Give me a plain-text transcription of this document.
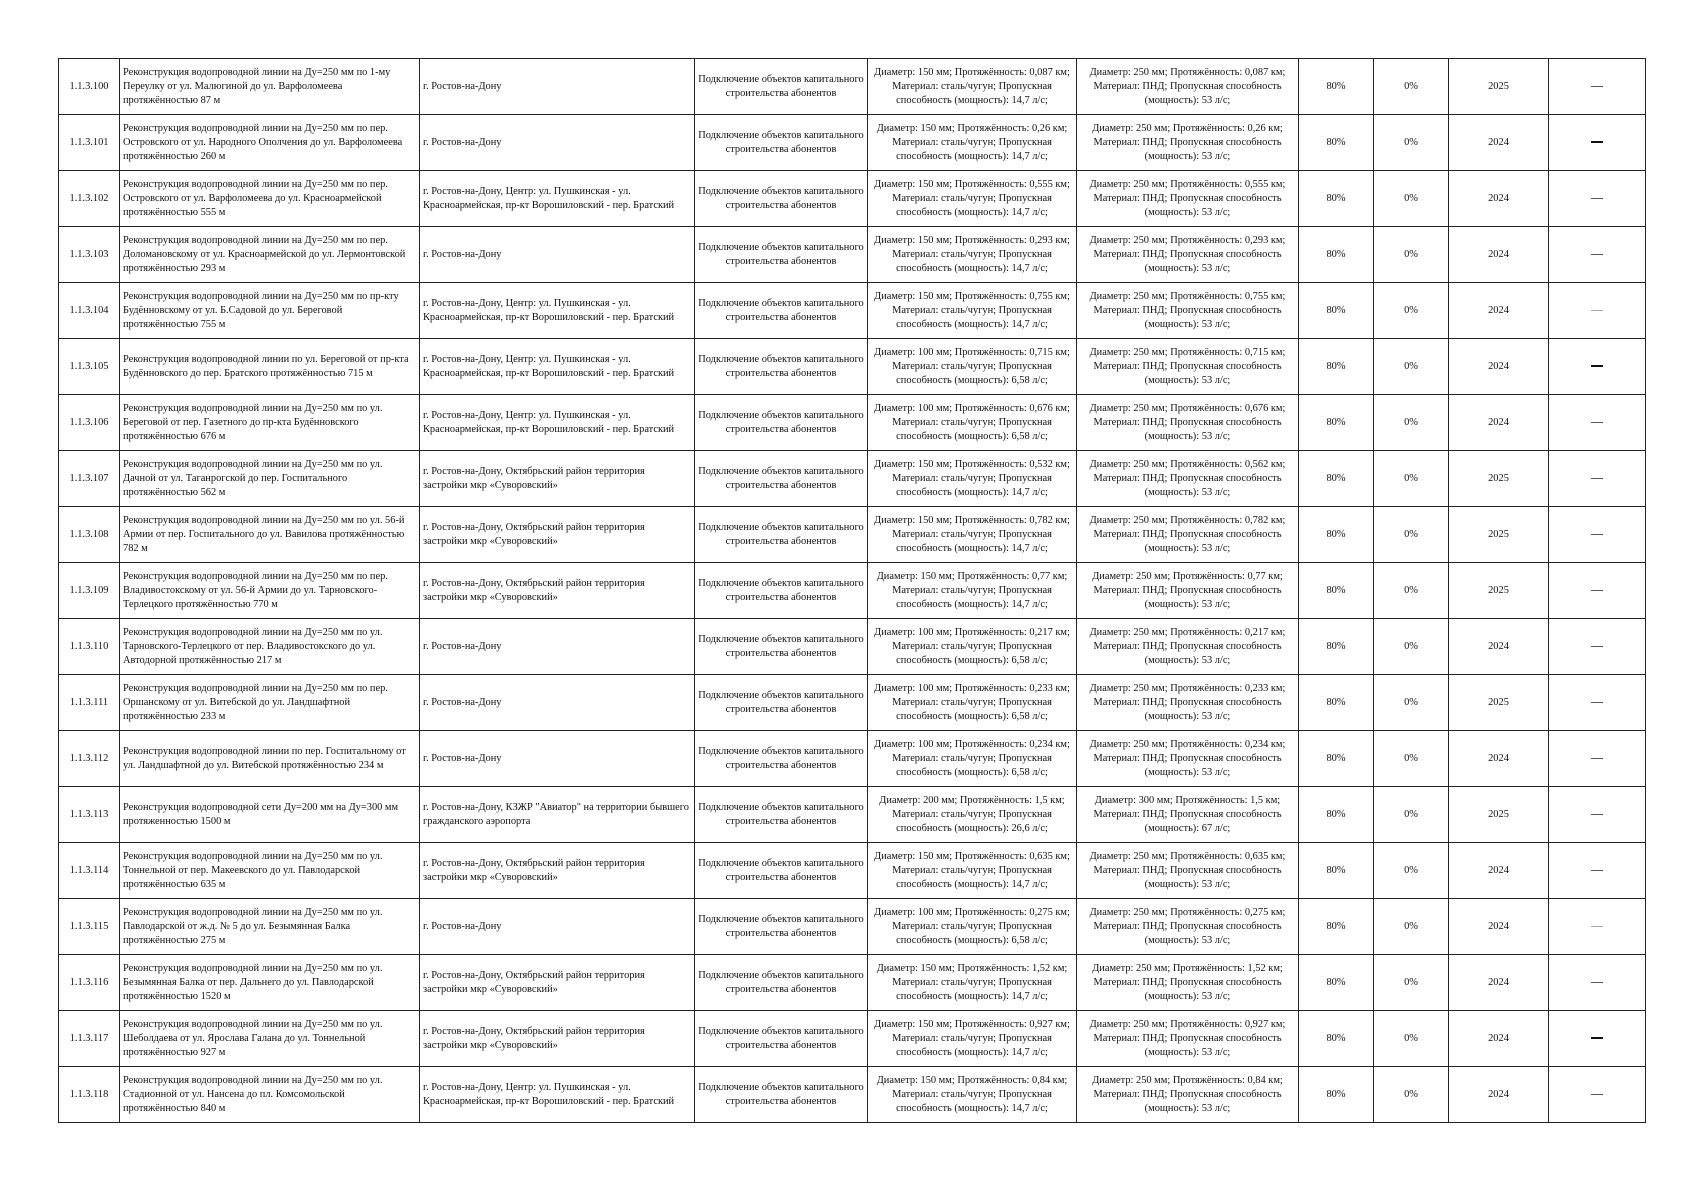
1.1.3.100	Реконструкция водопроводной линии на Ду=250 мм по 1-му Переулку от ул. Малюгиной до ул. Варфоломеева протяжённостью 87 м	г. Ростов-на-Дону	Подключение объектов капитального строительства абонентов	Диаметр: 150 мм; Протяжённость: 0,087 км; Материал: сталь/чугун; Пропускная способность (мощность): 14,7 л/с;	Диаметр: 250 мм; Протяжённость: 0,087 км; Материал: ПНД; Пропускная способность (мощность): 53 л/с;	80%	0%	2025	
1.1.3.101	Реконструкция водопроводной линии на Ду=250 мм по пер. Островского от ул. Народного Ополчения до ул. Варфоломеева протяжённостью 260 м	г. Ростов-на-Дону	Подключение объектов капитального строительства абонентов	Диаметр: 150 мм; Протяжённость: 0,26 км; Материал: сталь/чугун; Пропускная способность (мощность): 14,7 л/с;	Диаметр: 250 мм; Протяжённость: 0,26 км; Материал: ПНД; Пропускная способность (мощность): 53 л/с;	80%	0%	2024	
1.1.3.102	Реконструкция водопроводной линии на Ду=250 мм по пер. Островского от ул. Варфоломеева до ул. Красноармейской протяжённостью 555 м	г. Ростов-на-Дону, Центр: ул. Пушкинская - ул. Красноармейская, пр-кт Ворошиловский - пер. Братский	Подключение объектов капитального строительства абонентов	Диаметр: 150 мм; Протяжённость: 0,555 км; Материал: сталь/чугун; Пропускная способность (мощность): 14,7 л/с;	Диаметр: 250 мм; Протяжённость: 0,555 км; Материал: ПНД; Пропускная способность (мощность): 53 л/с;	80%	0%	2024	
1.1.3.103	Реконструкция водопроводной линии на Ду=250 мм по пер. Доломановскому от ул. Красноармейской до ул. Лермонтовской протяжённостью 293 м	г. Ростов-на-Дону	Подключение объектов капитального строительства абонентов	Диаметр: 150 мм; Протяжённость: 0,293 км; Материал: сталь/чугун; Пропускная способность (мощность): 14,7 л/с;	Диаметр: 250 мм; Протяжённость: 0,293 км; Материал: ПНД; Пропускная способность (мощность): 53 л/с;	80%	0%	2024	
1.1.3.104	Реконструкция водопроводной линии на Ду=250 мм по пр-кту Будённовскому от ул. Б.Садовой до ул. Береговой протяжённостью 755 м	г. Ростов-на-Дону, Центр: ул. Пушкинская - ул. Красноармейская, пр-кт Ворошиловский - пер. Братский	Подключение объектов капитального строительства абонентов	Диаметр: 150 мм; Протяжённость: 0,755 км; Материал: сталь/чугун; Пропускная способность (мощность): 14,7 л/с;	Диаметр: 250 мм; Протяжённость: 0,755 км; Материал: ПНД; Пропускная способность (мощность): 53 л/с;	80%	0%	2024	
1.1.3.105	Реконструкция водопроводной линии по ул. Береговой от пр-кта Будённовского до пер. Братского протяжённостью 715 м	г. Ростов-на-Дону, Центр: ул. Пушкинская - ул. Красноармейская, пр-кт Ворошиловский - пер. Братский	Подключение объектов капитального строительства абонентов	Диаметр: 100 мм; Протяжённость: 0,715 км; Материал: сталь/чугун; Пропускная способность (мощность): 6,58 л/с;	Диаметр: 250 мм; Протяжённость: 0,715 км; Материал: ПНД; Пропускная способность (мощность): 53 л/с;	80%	0%	2024	
1.1.3.106	Реконструкция водопроводной линии на Ду=250 мм по ул. Береговой от пер. Газетного до пр-кта Будённовского протяжённостью 676 м	г. Ростов-на-Дону, Центр: ул. Пушкинская - ул. Красноармейская, пр-кт Ворошиловский - пер. Братский	Подключение объектов капитального строительства абонентов	Диаметр: 100 мм; Протяжённость: 0,676 км; Материал: сталь/чугун; Пропускная способность (мощность): 6,58 л/с;	Диаметр: 250 мм; Протяжённость: 0,676 км; Материал: ПНД; Пропускная способность (мощность): 53 л/с;	80%	0%	2024	
1.1.3.107	Реконструкция водопроводной линии на Ду=250 мм по ул. Дачной от ул. Таганрогской до пер. Госпитального протяжённостью 562 м	г. Ростов-на-Дону, Октябрьский район территория застройки мкр «Суворовский»	Подключение объектов капитального строительства абонентов	Диаметр: 150 мм; Протяжённость: 0,532 км; Материал: сталь/чугун; Пропускная способность (мощность): 14,7 л/с;	Диаметр: 250 мм; Протяжённость: 0,562 км; Материал: ПНД; Пропускная способность (мощность): 53 л/с;	80%	0%	2025	
1.1.3.108	Реконструкция водопроводной линии на Ду=250 мм по ул. 56-й Армии от пер. Госпитального до ул. Вавилова протяжённостью 782 м	г. Ростов-на-Дону, Октябрьский район территория застройки мкр «Суворовский»	Подключение объектов капитального строительства абонентов	Диаметр: 150 мм; Протяжённость: 0,782 км; Материал: сталь/чугун; Пропускная способность (мощность): 14,7 л/с;	Диаметр: 250 мм; Протяжённость: 0,782 км; Материал: ПНД; Пропускная способность (мощность): 53 л/с;	80%	0%	2025	
1.1.3.109	Реконструкция водопроводной линии на Ду=250 мм по пер. Владивостокскому от ул. 56-й Армии до ул. Тарновского-Терлецкого протяжённостью 770 м	г. Ростов-на-Дону, Октябрьский район территория застройки мкр «Суворовский»	Подключение объектов капитального строительства абонентов	Диаметр: 150 мм; Протяжённость: 0,77 км; Материал: сталь/чугун; Пропускная способность (мощность): 14,7 л/с;	Диаметр: 250 мм; Протяжённость: 0,77 км; Материал: ПНД; Пропускная способность (мощность): 53 л/с;	80%	0%	2025	
1.1.3.110	Реконструкция водопроводной линии на Ду=250 мм по ул. Тарновского-Терлецкого от пер. Владивостокского до ул. Автодорной протяжённостью 217 м	г. Ростов-на-Дону	Подключение объектов капитального строительства абонентов	Диаметр: 100 мм; Протяжённость: 0,217 км; Материал: сталь/чугун; Пропускная способность (мощность): 6,58 л/с;	Диаметр: 250 мм; Протяжённость: 0,217 км; Материал: ПНД; Пропускная способность (мощность): 53 л/с;	80%	0%	2024	
1.1.3.111	Реконструкция водопроводной линии на Ду=250 мм по пер. Оршанскому от ул. Витебской до ул. Ландшафтной протяжённостью 233 м	г. Ростов-на-Дону	Подключение объектов капитального строительства абонентов	Диаметр: 100 мм; Протяжённость: 0,233 км; Материал: сталь/чугун; Пропускная способность (мощность): 6,58 л/с;	Диаметр: 250 мм; Протяжённость: 0,233 км; Материал: ПНД; Пропускная способность (мощность): 53 л/с;	80%	0%	2025	
1.1.3.112	Реконструкция водопроводной линии по пер. Госпитальному от ул. Ландшафтной до ул. Витебской протяжённостью 234 м	г. Ростов-на-Дону	Подключение объектов капитального строительства абонентов	Диаметр: 100 мм; Протяжённость: 0,234 км; Материал: сталь/чугун; Пропускная способность (мощность): 6,58 л/с;	Диаметр: 250 мм; Протяжённость: 0,234 км; Материал: ПНД; Пропускная способность (мощность): 53 л/с;	80%	0%	2024	
1.1.3.113	Реконструкция водопроводной сети Ду=200 мм на Ду=300 мм протяженностью 1500 м	г. Ростов-на-Дону, КЗЖР "Авиатор" на территории бывшего гражданского аэропорта	Подключение объектов капитального строительства абонентов	Диаметр: 200 мм; Протяжённость: 1,5 км; Материал: сталь/чугун; Пропускная способность (мощность): 26,6 л/с;	Диаметр: 300 мм; Протяжённость: 1,5 км; Материал: ПНД; Пропускная способность (мощность): 67 л/с;	80%	0%	2025	
1.1.3.114	Реконструкция водопроводной линии на Ду=250 мм по ул. Тоннельной от пер. Макеевского до ул. Павлодарской протяжённостью 635 м	г. Ростов-на-Дону, Октябрьский район территория застройки мкр «Суворовский»	Подключение объектов капитального строительства абонентов	Диаметр: 150 мм; Протяжённость: 0,635 км; Материал: сталь/чугун; Пропускная способность (мощность): 14,7 л/с;	Диаметр: 250 мм; Протяжённость: 0,635 км; Материал: ПНД; Пропускная способность (мощность): 53 л/с;	80%	0%	2024	
1.1.3.115	Реконструкция водопроводной линии на Ду=250 мм по ул. Павлодарской от ж.д. № 5 до ул. Безымянная Балка протяжённостью 275 м	г. Ростов-на-Дону	Подключение объектов капитального строительства абонентов	Диаметр: 100 мм; Протяжённость: 0,275 км; Материал: сталь/чугун; Пропускная способность (мощность): 6,58 л/с;	Диаметр: 250 мм; Протяжённость: 0,275 км; Материал: ПНД; Пропускная способность (мощность): 53 л/с;	80%	0%	2024	
1.1.3.116	Реконструкция водопроводной линии на Ду=250 мм по ул. Безымянная Балка от пер. Дальнего до ул. Павлодарской протяжённостью 1520 м	г. Ростов-на-Дону, Октябрьский район территория застройки мкр «Суворовский»	Подключение объектов капитального строительства абонентов	Диаметр: 150 мм; Протяжённость: 1,52 км; Материал: сталь/чугун; Пропускная способность (мощность): 14,7 л/с;	Диаметр: 250 мм; Протяжённость: 1,52 км; Материал: ПНД; Пропускная способность (мощность): 53 л/с;	80%	0%	2024	
1.1.3.117	Реконструкция водопроводной линии на Ду=250 мм по ул. Шеболдаева от ул. Ярослава Галана до ул. Тоннельной протяжённостью 927 м	г. Ростов-на-Дону, Октябрьский район территория застройки мкр «Суворовский»	Подключение объектов капитального строительства абонентов	Диаметр: 150 мм; Протяжённость: 0,927 км; Материал: сталь/чугун; Пропускная способность (мощность): 14,7 л/с;	Диаметр: 250 мм; Протяжённость: 0,927 км; Материал: ПНД; Пропускная способность (мощность): 53 л/с;	80%	0%	2024	
1.1.3.118	Реконструкция водопроводной линии на Ду=250 мм по ул. Стадионной от ул. Нансена до пл. Комсомольской протяжённостью 840 м	г. Ростов-на-Дону, Центр: ул. Пушкинская - ул. Красноармейская, пр-кт Ворошиловский - пер. Братский	Подключение объектов капитального строительства абонентов	Диаметр: 150 мм; Протяжённость: 0,84 км; Материал: сталь/чугун; Пропускная способность (мощность): 14,7 л/с;	Диаметр: 250 мм; Протяжённость: 0,84 км; Материал: ПНД; Пропускная способность (мощность): 53 л/с;	80%	0%	2024	
